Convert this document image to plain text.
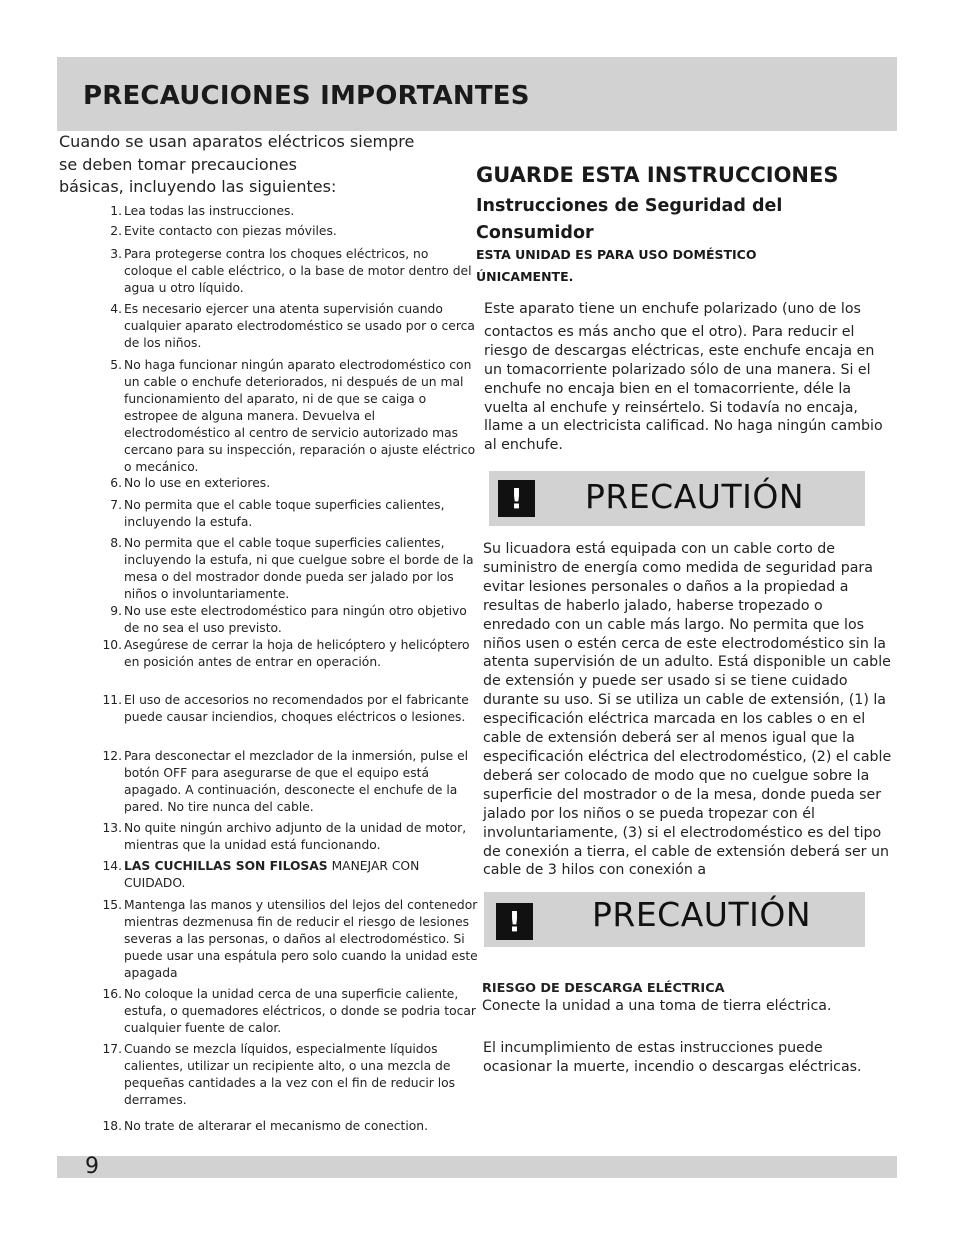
PRECAUCIONES IMPORTANTES
Cuando se usan aparatos eléctricos siempre
se deben tomar precauciones
básicas, incluyendo las siguientes:
1. Lea todas las instrucciones.
2. Evite contacto con piezas móviles.
3. Para protegerse contra los choques eléctricos, no coloque el cable eléctrico, o la base de motor dentro del agua u otro líquido.
4. Es necesario ejercer una atenta supervisión cuando cualquier aparato electrodoméstico se usado por o cerca de los niños.
5. No haga funcionar ningún aparato electrodoméstico con un cable o enchufe deteriorados, ni después de un mal funcionamiento del aparato, ni de que se caiga o estropee de alguna manera. Devuelva el electrodoméstico al centro de servicio autorizado mas cercano para su inspección, reparación o ajuste eléctrico o mecánico.
6. No lo use en exteriores.
7. No permita que el cable toque superficies calientes, incluyendo la estufa.
8. No permita que el cable toque superficies calientes, incluyendo la estufa, ni que cuelgue sobre el borde de la mesa o del mostrador donde pueda ser jalado por los niños o involuntariamente.
9. No use este electrodoméstico para ningún otro objetivo de no sea el uso previsto.
10. Asegúrese de cerrar la hoja de helicóptero y helicóptero en posición antes de entrar en operación.
11. El uso de accesorios no recomendados por el fabricante puede causar inciendios, choques eléctricos o lesiones.
12. Para desconectar el mezclador de la inmersión, pulse el botón OFF para asegurarse de que el equipo está apagado. A continuación, desconecte el enchufe de la pared. No tire nunca del cable.
13. No quite ningún archivo adjunto de la unidad de motor, mientras que la unidad está funcionando.
14. LAS CUCHILLAS SON FILOSAS MANEJAR CON CUIDADO.
15. Mantenga las manos y utensilios del lejos del contenedor mientras dezmenusa fin de reducir el riesgo de lesiones severas a las personas, o daños al electrodoméstico. Si puede usar una espátula pero solo cuando la unidad este apagada
16. No coloque la unidad cerca de una superficie caliente, estufa, o quemadores eléctricos, o donde se podria tocar cualquier fuente de calor.
17. Cuando se mezcla líquidos, especialmente líquidos calientes, utilizar un recipiente alto, o una mezcla de pequeñas cantidades a la vez con el fin de reducir los derrames.
18. No trate de alterarar el mecanismo de conection.
GUARDE ESTA INSTRUCCIONES
Instrucciones de Seguridad del Consumidor
ESTA UNIDAD ES PARA USO DOMÉSTICO ÚNICAMENTE.
Este aparato tiene un enchufe polarizado (uno de los
contactos es más ancho que el otro). Para reducir el riesgo de descargas eléctricas, este enchufe encaja en un tomacorriente polarizado sólo de una manera. Si el enchufe no encaja bien en el tomacorriente, déle la vuelta al enchufe y reinsértelo. Si todavía no encaja, llame a un electricista calificad. No haga ningún cambio al enchufe.
!	PRECAUTIÓN
Su licuadora está equipada con un cable corto de suministro de energía como medida de seguridad para evitar lesiones personales o daños a la propiedad a resultas de haberlo jalado, haberse tropezado o enredado con un cable más largo. No permita que los niños usen o estén cerca de este electrodoméstico sin la atenta supervisión de un adulto. Está disponible un cable de extensión y puede ser usado si se tiene cuidado durante su uso. Si se utiliza un cable de extensión, (1) la especificación eléctrica marcada en los cables o en el cable de extensión deberá ser al menos igual que la especificación eléctrica del electrodoméstico, (2) el cable deberá ser colocado de modo que no cuelgue sobre la superficie del mostrador o de la mesa, donde pueda ser jalado por los niños o se pueda tropezar con él involuntariamente, (3) si el electrodoméstico es del tipo de conexión a tierra, el cable de extensión deberá ser un cable de 3 hilos con conexión a
!	PRECAUTIÓN
RIESGO DE DESCARGA ELÉCTRICA
Conecte la unidad a una toma de tierra eléctrica.
El incumplimiento de estas instrucciones puede ocasionar la muerte, incendio o descargas eléctricas.
9
